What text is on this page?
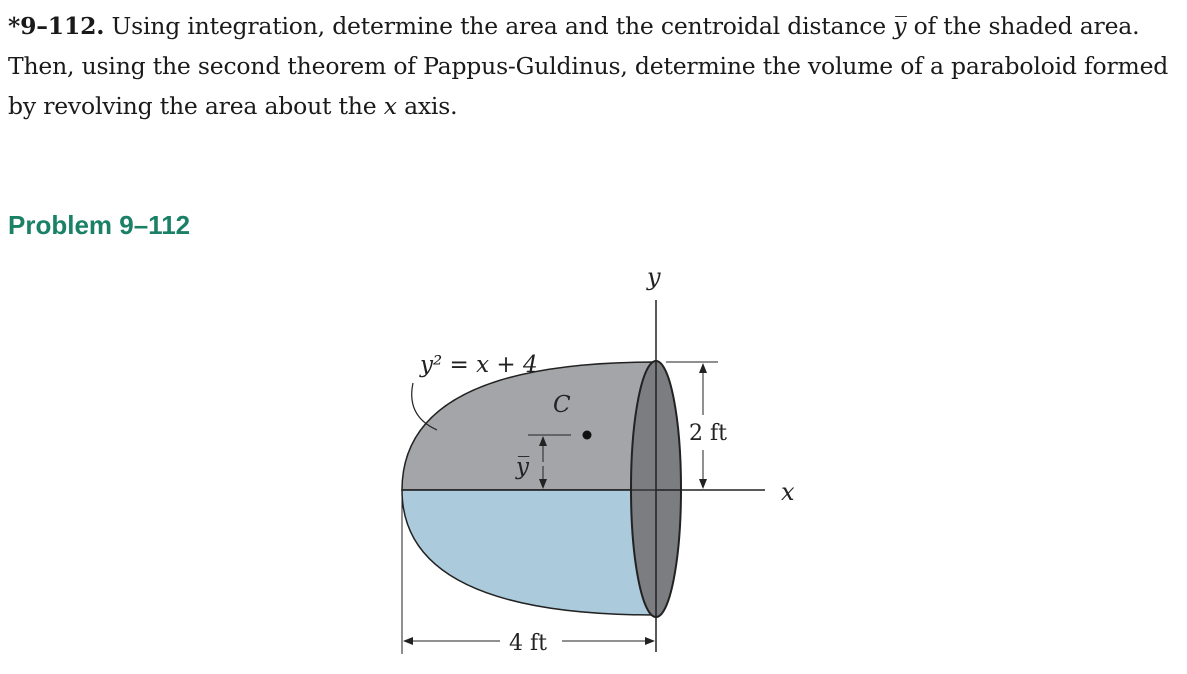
*9–112. Using integration, determine the area and the centroidal distance y̅ of the shaded area. Then, using the second theorem of Pappus-Guldinus, determine the volume of a paraboloid formed by revolving the area about the x axis.
Problem 9–112
2 ft
4 ft
C
y̅
y² = x + 4
y
x
